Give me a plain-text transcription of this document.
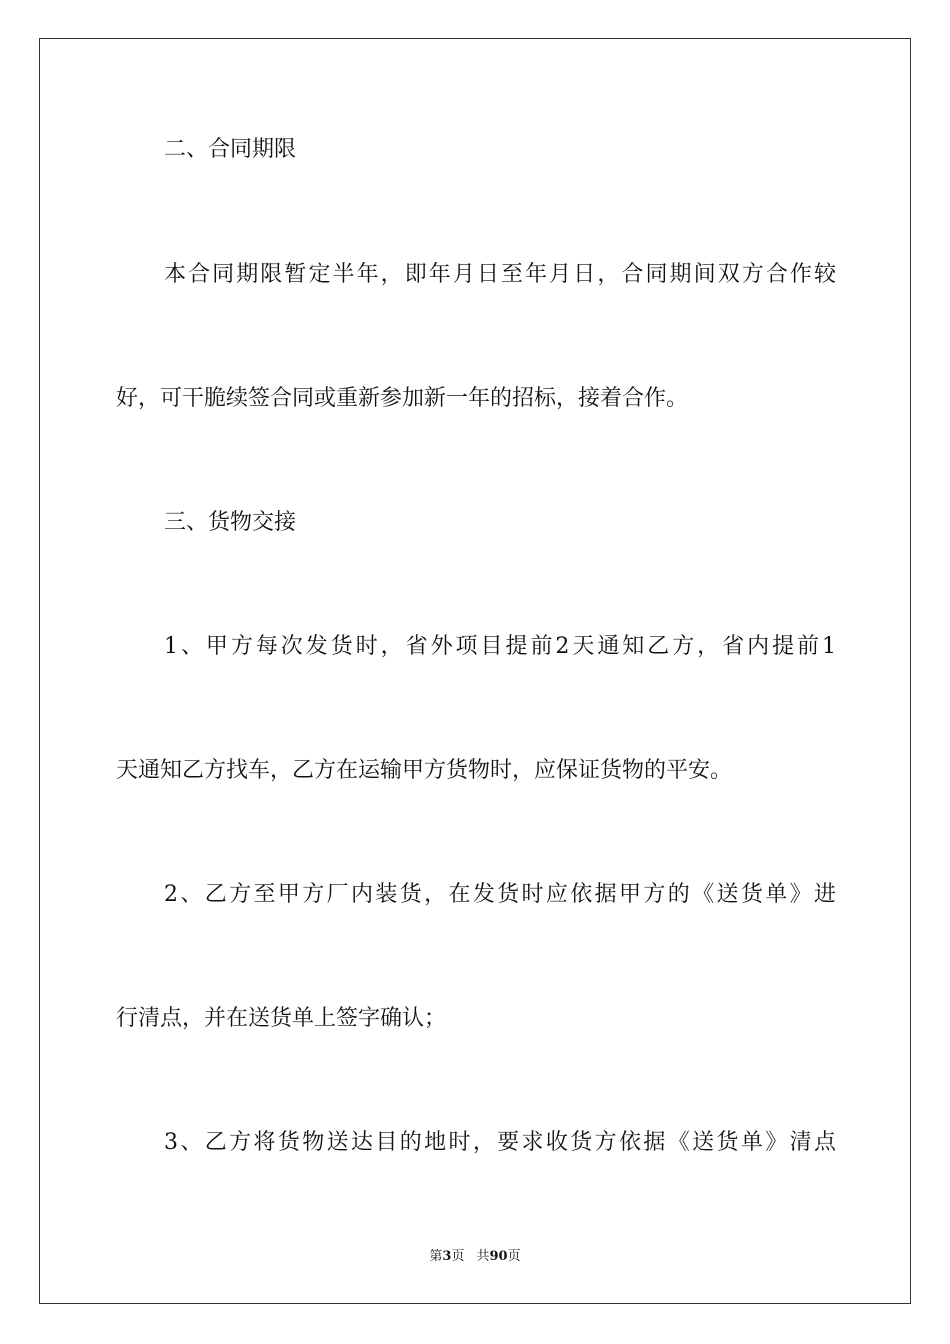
二、合同期限
本合同期限暂定半年，即年月日至年月日，合同期间双方合作较
好，可干脆续签合同或重新参加新一年的招标，接着合作。
三、货物交接
1、甲方每次发货时，省外项目提前2天通知乙方，省内提前1
天通知乙方找车，乙方在运输甲方货物时，应保证货物的平安。
2、乙方至甲方厂内装货，在发货时应依据甲方的《送货单》进
行清点，并在送货单上签字确认；
3、乙方将货物送达目的地时，要求收货方依据《送货单》清点
第3页 共90页
